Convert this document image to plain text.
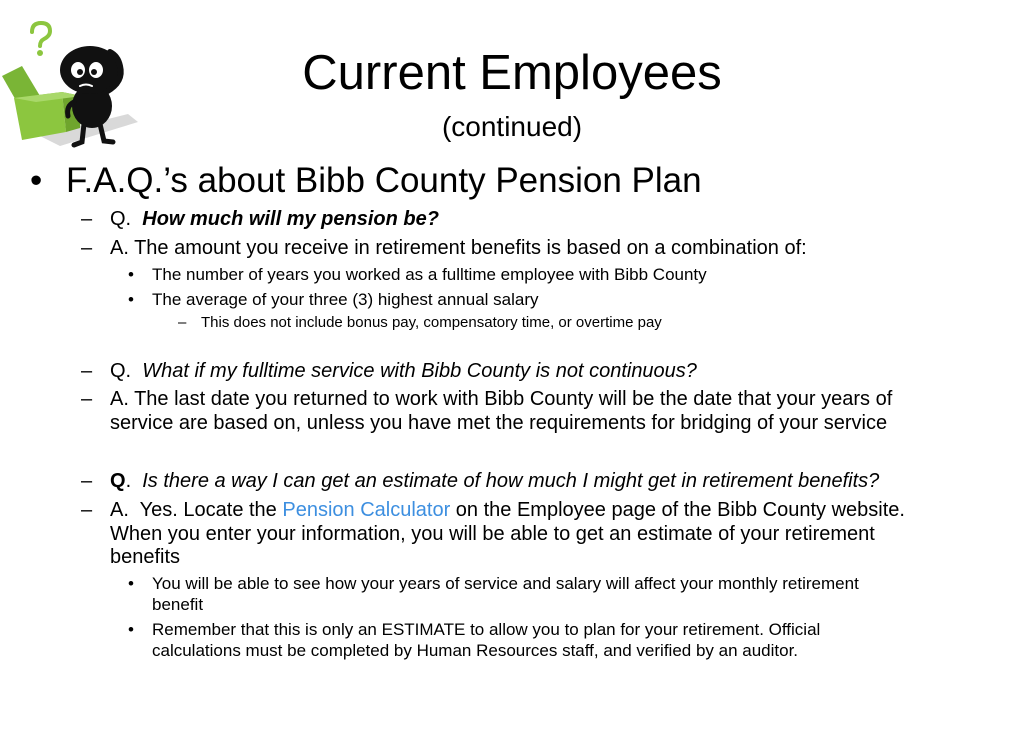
Current Employees
(continued)
• F.A.Q.’s about Bibb County Pension Plan
– Q. How much will my pension be?
– A. The amount you receive in retirement benefits is based on a combination of:
• The number of years you worked as a fulltime employee with Bibb County
• The average of your three (3) highest annual salary
– This does not include bonus pay, compensatory time, or overtime pay
– Q. What if my fulltime service with Bibb County is not continuous?
– A. The last date you returned to work with Bibb County will be the date that your years of
service are based on, unless you have met the requirements for bridging of your service
– Q. Is there a way I can get an estimate of how much I might get in retirement benefits?
– A.  Yes. Locate the Pension Calculator on the Employee page of the Bibb County website.
When you enter your information, you will be able to get an estimate of your retirement
benefits
• You will be able to see how your years of service and salary will affect your monthly retirement
benefit
• Remember that this is only an ESTIMATE to allow you to plan for your retirement. Official
calculations must be completed by Human Resources staff, and verified by an auditor.
